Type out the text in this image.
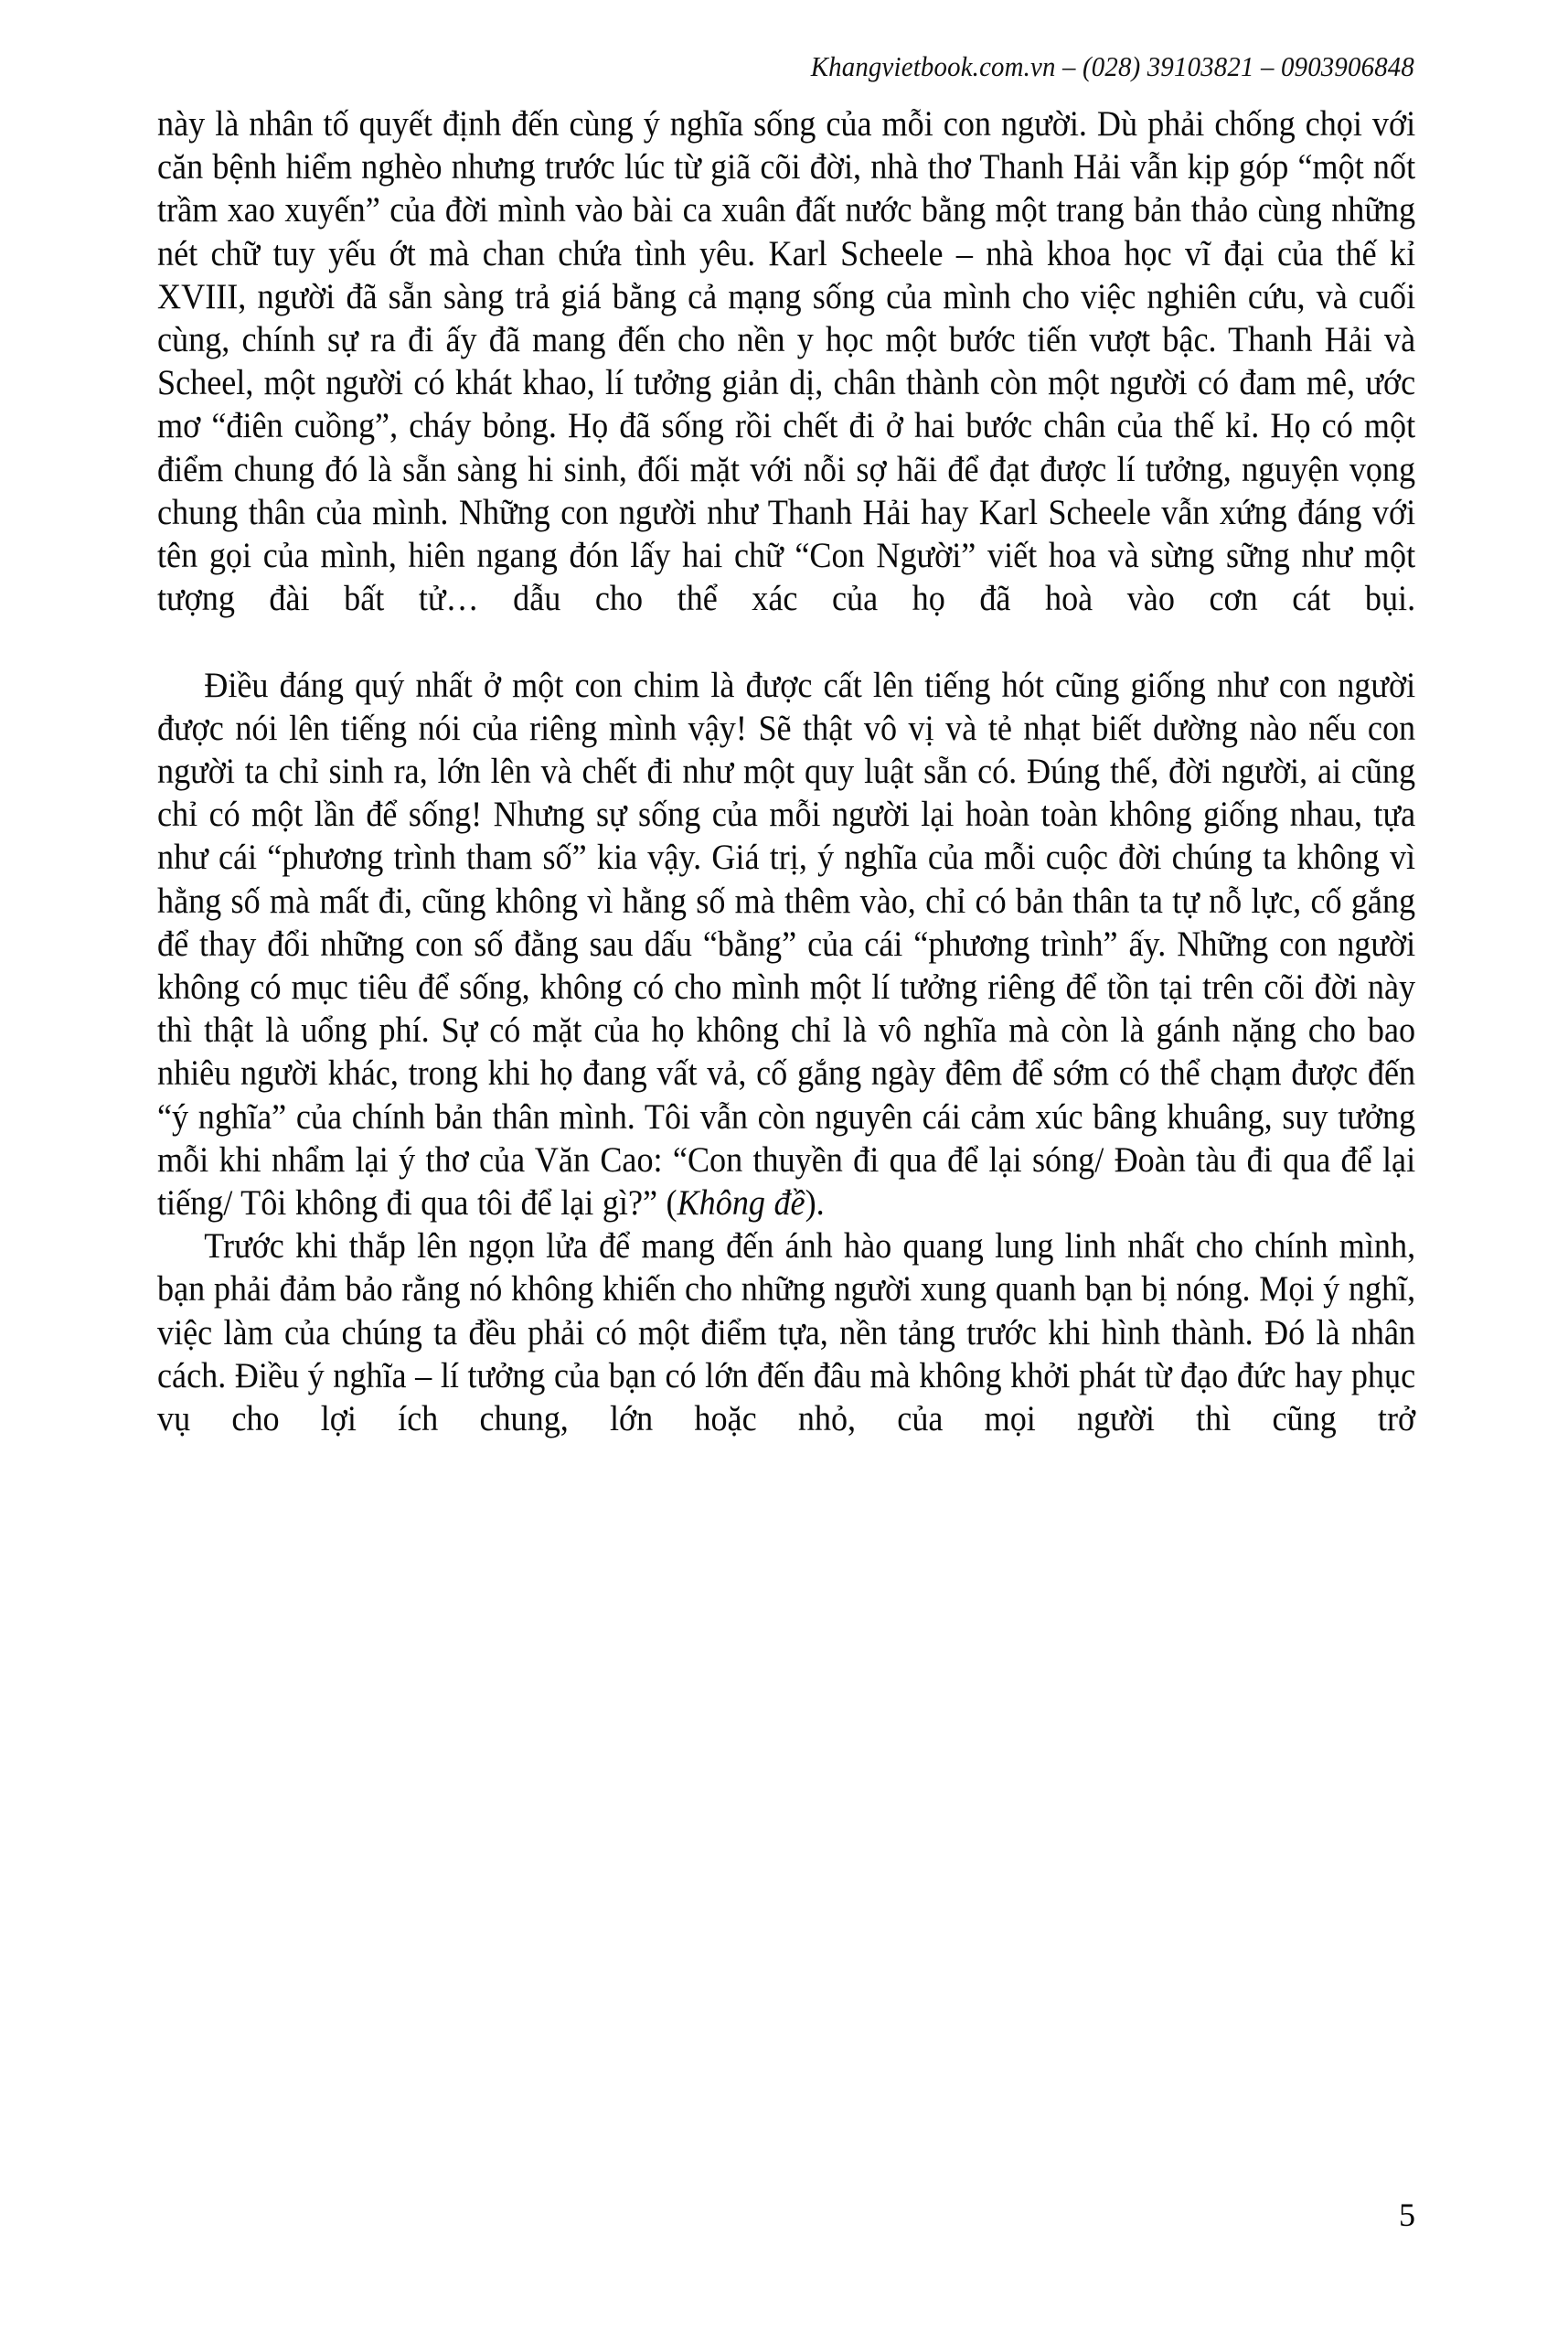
Khangvietbook.com.vn – (028) 39103821 – 0903906848

này là nhân tố quyết định đến cùng ý nghĩa sống của mỗi con người. Dù phải chống chọi với căn bệnh hiểm nghèo nhưng trước lúc từ giã cõi đời, nhà thơ Thanh Hải vẫn kịp góp “một nốt trầm xao xuyến” của đời mình vào bài ca xuân đất nước bằng một trang bản thảo cùng những nét chữ tuy yếu ớt mà chan chứa tình yêu. Karl Scheele – nhà khoa học vĩ đại của thế kỉ XVIII, người đã sẵn sàng trả giá bằng cả mạng sống của mình cho việc nghiên cứu, và cuối cùng, chính sự ra đi ấy đã mang đến cho nền y học một bước tiến vượt bậc. Thanh Hải và Scheel, một người có khát khao, lí tưởng giản dị, chân thành còn một người có đam mê, ước mơ “điên cuồng”, cháy bỏng. Họ đã sống rồi chết đi ở hai bước chân của thế kỉ. Họ có một điểm chung đó là sẵn sàng hi sinh, đối mặt với nỗi sợ hãi để đạt được lí tưởng, nguyện vọng chung thân của mình. Những con người như Thanh Hải hay Karl Scheele vẫn xứng đáng với tên gọi của mình, hiên ngang đón lấy hai chữ “Con Người” viết hoa và sừng sững như một tượng đài bất tử… dẫu cho thể xác của họ đã hoà vào cơn cát bụi.

Điều đáng quý nhất ở một con chim là được cất lên tiếng hót cũng giống như con người được nói lên tiếng nói của riêng mình vậy! Sẽ thật vô vị và tẻ nhạt biết dường nào nếu con người ta chỉ sinh ra, lớn lên và chết đi như một quy luật sẵn có. Đúng thế, đời người, ai cũng chỉ có một lần để sống! Nhưng sự sống của mỗi người lại hoàn toàn không giống nhau, tựa như cái “phương trình tham số” kia vậy. Giá trị, ý nghĩa của mỗi cuộc đời chúng ta không vì hằng số mà mất đi, cũng không vì hằng số mà thêm vào, chỉ có bản thân ta tự nỗ lực, cố gắng để thay đổi những con số đằng sau dấu “bằng” của cái “phương trình” ấy. Những con người không có mục tiêu để sống, không có cho mình một lí tưởng riêng để tồn tại trên cõi đời này thì thật là uổng phí. Sự có mặt của họ không chỉ là vô nghĩa mà còn là gánh nặng cho bao nhiêu người khác, trong khi họ đang vất vả, cố gắng ngày đêm để sớm có thể chạm được đến “ý nghĩa” của chính bản thân mình. Tôi vẫn còn nguyên cái cảm xúc bâng khuâng, suy tưởng mỗi khi nhẩm lại ý thơ của Văn Cao: “Con thuyền đi qua để lại sóng/ Đoàn tàu đi qua để lại tiếng/ Tôi không đi qua tôi để lại gì?” (Không đề).

Trước khi thắp lên ngọn lửa để mang đến ánh hào quang lung linh nhất cho chính mình, bạn phải đảm bảo rằng nó không khiến cho những người xung quanh bạn bị nóng. Mọi ý nghĩ, việc làm của chúng ta đều phải có một điểm tựa, nền tảng trước khi hình thành. Đó là nhân cách. Điều ý nghĩa – lí tưởng của bạn có lớn đến đâu mà không khởi phát từ đạo đức hay phục vụ cho lợi ích chung, lớn hoặc nhỏ, của mọi người thì cũng trở

5
